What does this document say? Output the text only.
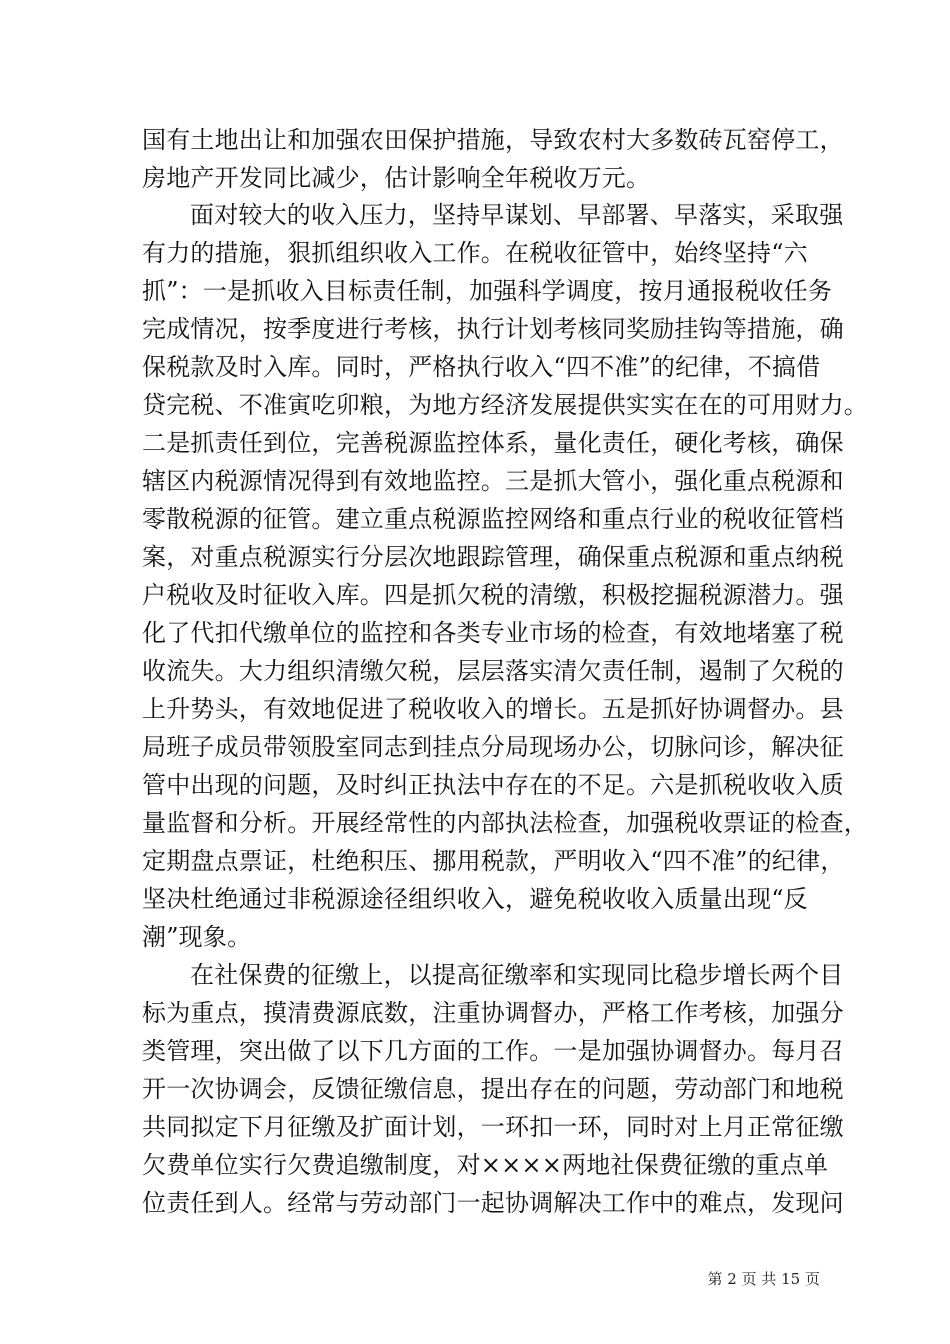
国有土地出让和加强农田保护措施，导致农村大多数砖瓦窑停工，
房地产开发同比减少，估计影响全年税收万元。
面对较大的收入压力，坚持早谋划、早部署、早落实，采取强
有力的措施，狠抓组织收入工作。在税收征管中，始终坚持“六
抓”：一是抓收入目标责任制，加强科学调度，按月通报税收任务
完成情况，按季度进行考核，执行计划考核同奖励挂钩等措施，确
保税款及时入库。同时，严格执行收入“四不准”的纪律，不搞借
贷完税、不准寅吃卯粮，为地方经济发展提供实实在在的可用财力。
二是抓责任到位，完善税源监控体系，量化责任，硬化考核，确保
辖区内税源情况得到有效地监控。三是抓大管小，强化重点税源和
零散税源的征管。建立重点税源监控网络和重点行业的税收征管档
案，对重点税源实行分层次地跟踪管理，确保重点税源和重点纳税
户税收及时征收入库。四是抓欠税的清缴，积极挖掘税源潜力。强
化了代扣代缴单位的监控和各类专业市场的检查，有效地堵塞了税
收流失。大力组织清缴欠税，层层落实清欠责任制，遏制了欠税的
上升势头，有效地促进了税收收入的增长。五是抓好协调督办。县
局班子成员带领股室同志到挂点分局现场办公，切脉问诊，解决征
管中出现的问题，及时纠正执法中存在的不足。六是抓税收收入质
量监督和分析。开展经常性的内部执法检查，加强税收票证的检查，
定期盘点票证，杜绝积压、挪用税款，严明收入“四不准”的纪律，
坚决杜绝通过非税源途径组织收入，避免税收收入质量出现“反
潮”现象。
在社保费的征缴上，以提高征缴率和实现同比稳步增长两个目
标为重点，摸清费源底数，注重协调督办，严格工作考核，加强分
类管理，突出做了以下几方面的工作。一是加强协调督办。每月召
开一次协调会，反馈征缴信息，提出存在的问题，劳动部门和地税
共同拟定下月征缴及扩面计划，一环扣一环，同时对上月正常征缴
欠费单位实行欠费追缴制度，对××××两地社保费征缴的重点单
位责任到人。经常与劳动部门一起协调解决工作中的难点，发现问
第 2 页 共 15 页
